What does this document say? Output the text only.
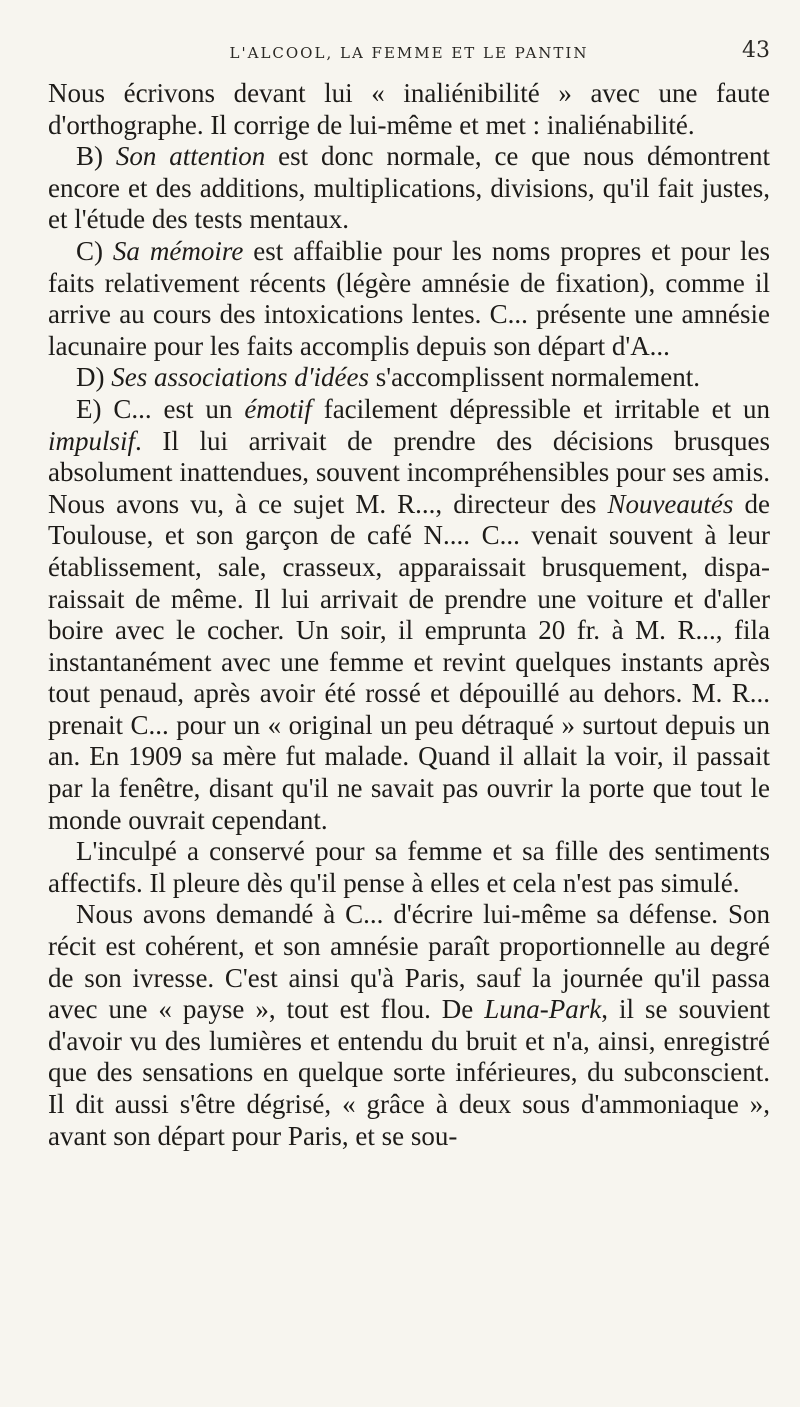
L'ALCOOL, LA FEMME ET LE PANTIN	43

Nous écrivons devant lui « inaliénibilité » avec une faute d'orthographe. Il corrige de lui-même et met : inaliénabilité.

B) Son attention est donc normale, ce que nous démontrent encore et des additions, multiplications, divisions, qu'il fait justes, et l'étude des tests mentaux.

C) Sa mémoire est affaiblie pour les noms propres et pour les faits relativement récents (légère amnésie de fixation), comme il arrive au cours des intoxications lentes. C... présente une amnésie lacunaire pour les faits accomplis depuis son départ d'A...

D) Ses associations d'idées s'accomplissent normalement.

E) C... est un émotif facilement dépressible et irritable et un impulsif. Il lui arrivait de prendre des décisions brusques absolument inattendues, souvent incompréhensibles pour ses amis. Nous avons vu, à ce sujet M. R..., directeur des Nouveautés de Toulouse, et son garçon de café N.... C... venait souvent à leur établissement, sale, crasseux, apparaissait brusquement, disparaissait de même. Il lui arrivait de prendre une voiture et d'aller boire avec le cocher. Un soir, il emprunta 20 fr. à M. R..., fila instantanément avec une femme et revint quelques instants après tout penaud, après avoir été rossé et dépouillé au dehors. M. R... prenait C... pour un « original un peu détraqué » surtout depuis un an. En 1909 sa mère fut malade. Quand il allait la voir, il passait par la fenêtre, disant qu'il ne savait pas ouvrir la porte que tout le monde ouvrait cependant.

L'inculpé a conservé pour sa femme et sa fille des sentiments affectifs. Il pleure dès qu'il pense à elles et cela n'est pas simulé.

Nous avons demandé à C... d'écrire lui-même sa défense. Son récit est cohérent, et son amnésie paraît proportionnelle au degré de son ivresse. C'est ainsi qu'à Paris, sauf la journée qu'il passa avec une « payse », tout est flou. De Luna-Park, il se souvient d'avoir vu des lumières et entendu du bruit et n'a, ainsi, enregistré que des sensations en quelque sorte inférieures, du subconscient. Il dit aussi s'être dégrisé, « grâce à deux sous d'ammoniaque », avant son départ pour Paris, et se sou-
